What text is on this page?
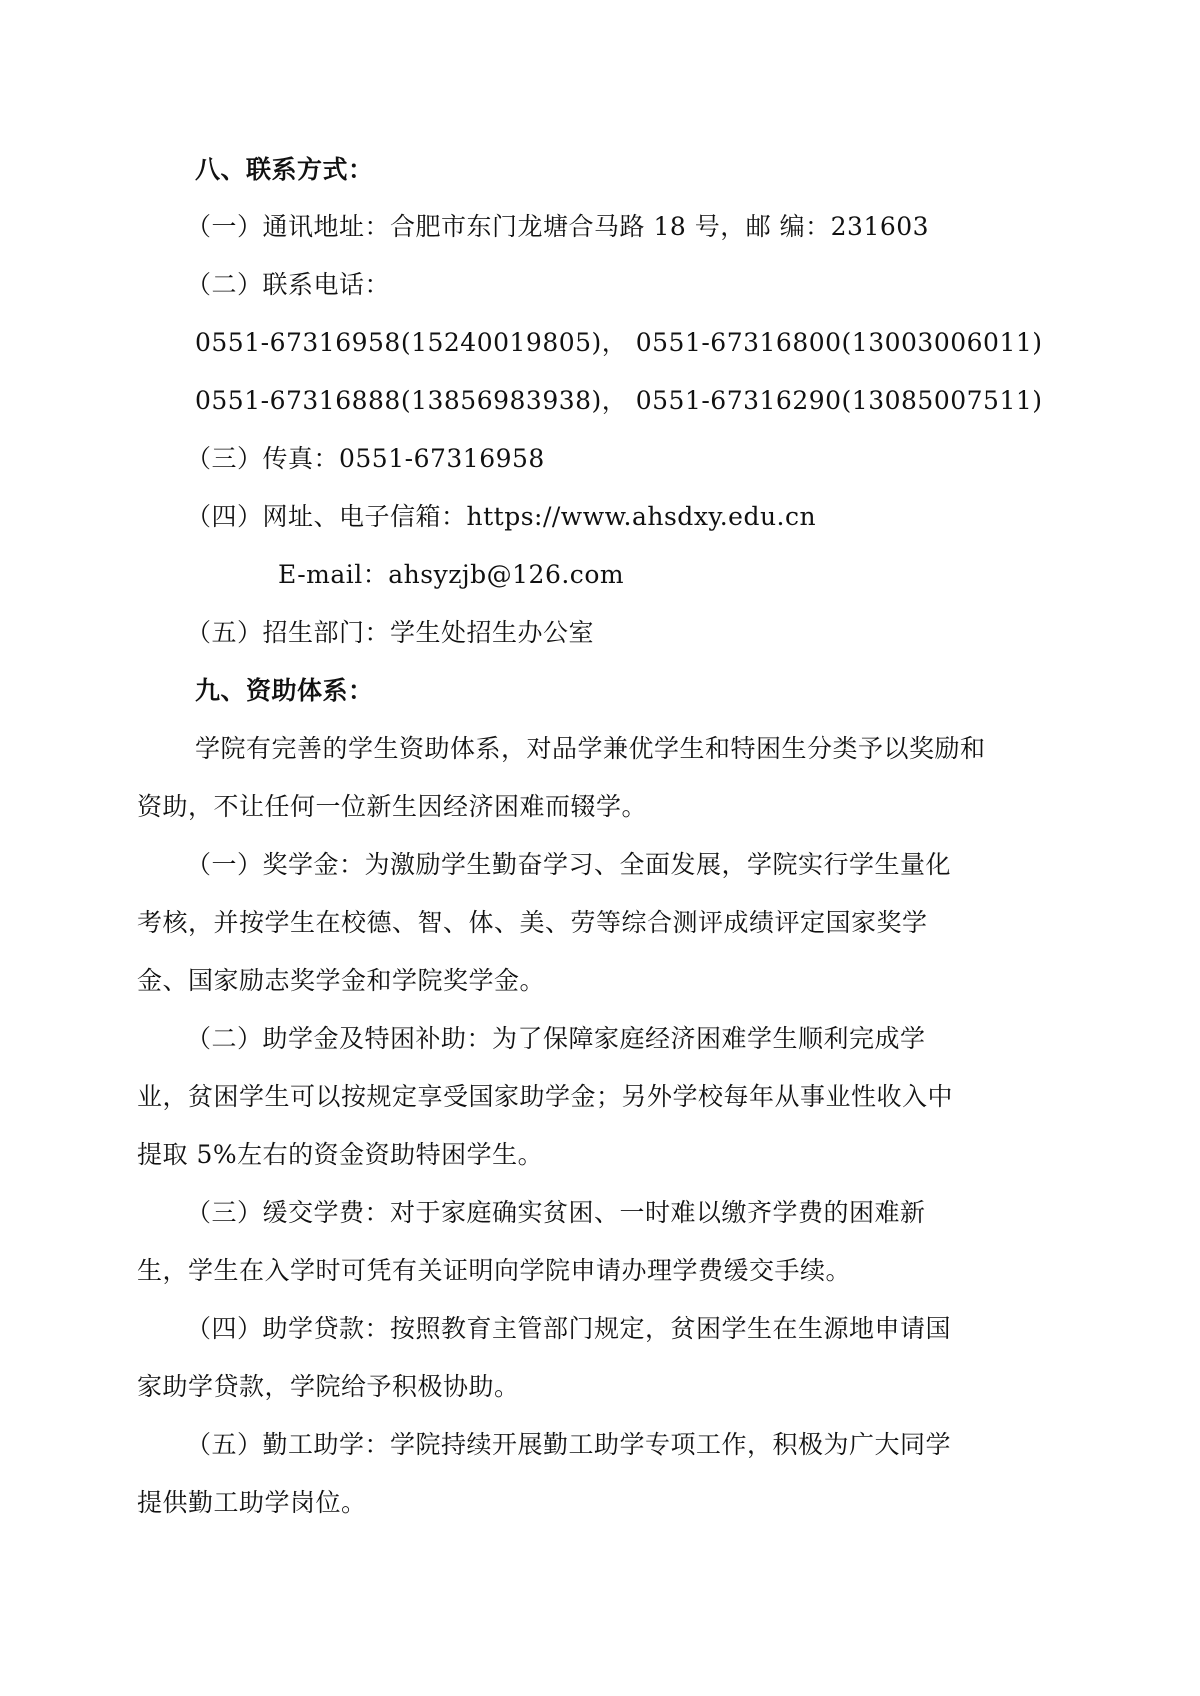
八、联系方式：
（一）通讯地址：合肥市东门龙塘合马路 18 号，邮 编：231603
（二）联系电话：
0551-67316958(15240019805)， 0551-67316800(13003006011)
0551-67316888(13856983938)， 0551-67316290(13085007511)
（三）传真：0551-67316958
（四）网址、电子信箱：https://www.ahsdxy.edu.cn
E-mail：ahsyzjb@126.com
（五）招生部门：学生处招生办公室
九、资助体系：
学院有完善的学生资助体系，对品学兼优学生和特困生分类予以奖励和
资助，不让任何一位新生因经济困难而辍学。
（一）奖学金：为激励学生勤奋学习、全面发展，学院实行学生量化
考核，并按学生在校德、智、体、美、劳等综合测评成绩评定国家奖学
金、国家励志奖学金和学院奖学金。
（二）助学金及特困补助：为了保障家庭经济困难学生顺利完成学
业，贫困学生可以按规定享受国家助学金；另外学校每年从事业性收入中
提取 5%左右的资金资助特困学生。
（三）缓交学费：对于家庭确实贫困、一时难以缴齐学费的困难新
生，学生在入学时可凭有关证明向学院申请办理学费缓交手续。
（四）助学贷款：按照教育主管部门规定，贫困学生在生源地申请国
家助学贷款，学院给予积极协助。
（五）勤工助学：学院持续开展勤工助学专项工作，积极为广大同学
提供勤工助学岗位。
